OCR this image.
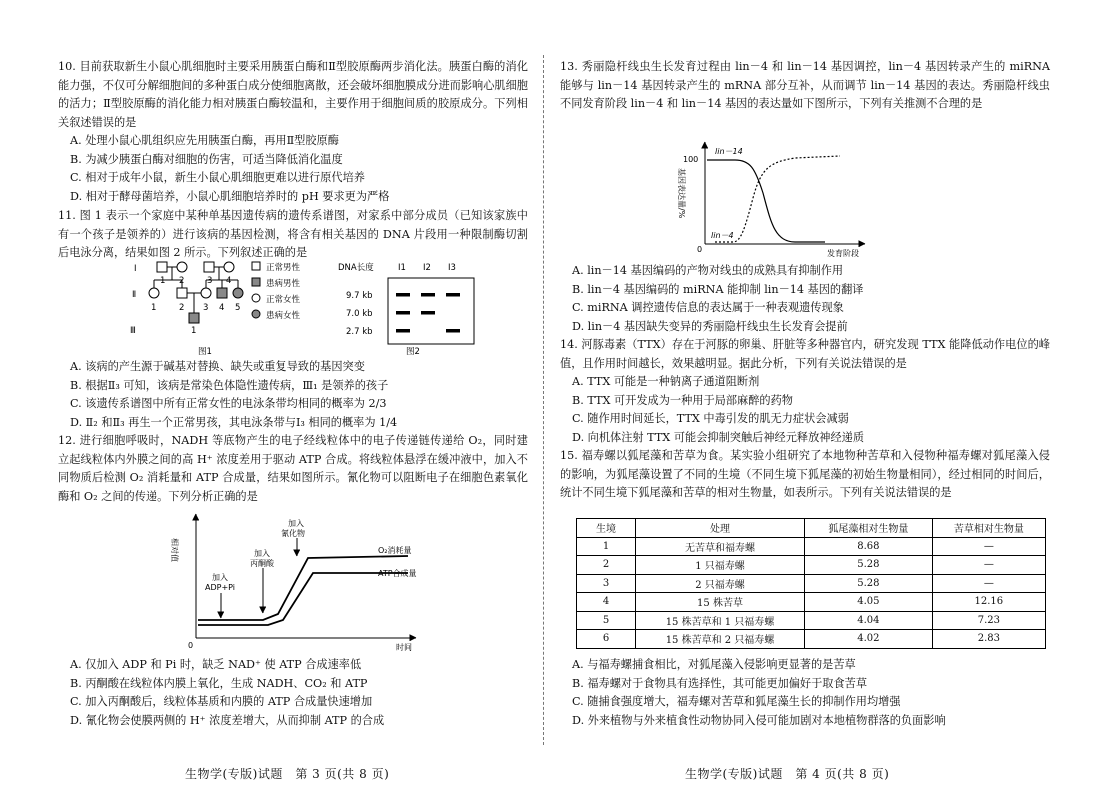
10. 目前获取新生小鼠心肌细胞时主要采用胰蛋白酶和Ⅱ型胶原酶两步消化法。胰蛋白酶的消化能力强，不仅可分解细胞间的多种蛋白成分使细胞离散，还会破坏细胞膜成分进而影响心肌细胞的活力；Ⅱ型胶原酶的消化能力相对胰蛋白酶较温和，主要作用于细胞间质的胶原成分。下列相关叙述错误的是
A. 处理小鼠心肌组织应先用胰蛋白酶，再用Ⅱ型胶原酶
B. 为减少胰蛋白酶对细胞的伤害，可适当降低消化温度
C. 相对于成年小鼠，新生小鼠心肌细胞更难以进行原代培养
D. 相对于酵母菌培养，小鼠心肌细胞培养时的 pH 要求更为严格
11. 图 1 表示一个家庭中某种单基因遗传病的遗传系谱图，对家系中部分成员（已知该家族中有一个孩子是领养的）进行该病的基因检测，将含有相关基因的 DNA 片段用一种限制酶切割后电泳分离，结果如图 2 所示。下列叙述正确的是
Ⅰ
Ⅱ
Ⅲ
1 2	3 4
1	2 3 4 5
1
正常男性
患病男性
正常女性
患病女性
图1
DNA长度	Ⅰ1 Ⅰ2 Ⅰ3
9.7 kb
7.0 kb
2.7 kb
图2
A. 该病的产生源于碱基对替换、缺失或重复导致的基因突变
B. 根据Ⅱ₃ 可知，该病是常染色体隐性遗传病，Ⅲ₁ 是领养的孩子
C. 该遗传系谱图中所有正常女性的电泳条带均相同的概率为 2/3
D. Ⅱ₂ 和Ⅱ₃ 再生一个正常男孩，其电泳条带与Ⅰ₃ 相同的概率为 1/4
12. 进行细胞呼吸时，NADH 等底物产生的电子经线粒体中的电子传递链传递给 O₂，同时建立起线粒体内外膜之间的高 H⁺ 浓度差用于驱动 ATP 合成。将线粒体悬浮在缓冲液中，加入不同物质后检测 O₂ 消耗量和 ATP 合成量，结果如图所示。氰化物可以阻断电子在细胞色素氧化酶和 O₂ 之间的传递。下列分析正确的是
相对值
时间
0
加入
ADP+Pi
加入
丙酮酸
加入
氰化物
O₂消耗量
ATP合成量
A. 仅加入 ADP 和 Pi 时，缺乏 NAD⁺ 使 ATP 合成速率低
B. 丙酮酸在线粒体内膜上氧化，生成 NADH、CO₂ 和 ATP
C. 加入丙酮酸后，线粒体基质和内膜的 ATP 合成量快速增加
D. 氰化物会使膜两侧的 H⁺ 浓度差增大，从而抑制 ATP 的合成
生物学(专版)试题　第 3 页(共 8 页)
13. 秀丽隐杆线虫生长发育过程由 lin－4 和 lin－14 基因调控，lin－4 基因转录产生的 miRNA 能够与 lin－14 基因转录产生的 mRNA 部分互补，从而调节 lin－14 基因的表达。秀丽隐杆线虫不同发育阶段 lin－4 和 lin－14 基因的表达量如下图所示，下列有关推测不合理的是
100
0
基因表达量/%
发育阶段
lin－14
lin－4
A. lin－14 基因编码的产物对线虫的成熟具有抑制作用
B. lin－4 基因编码的 miRNA 能抑制 lin－14 基因的翻译
C. miRNA 调控遗传信息的表达属于一种表观遗传现象
D. lin－4 基因缺失变异的秀丽隐杆线虫生长发育会提前
14. 河豚毒素（TTX）存在于河豚的卵巢、肝脏等多种器官内，研究发现 TTX 能降低动作电位的峰值，且作用时间越长，效果越明显。据此分析，下列有关说法错误的是
A. TTX 可能是一种钠离子通道阻断剂
B. TTX 可开发成为一种用于局部麻醉的药物
C. 随作用时间延长，TTX 中毒引发的肌无力症状会减弱
D. 向机体注射 TTX 可能会抑制突触后神经元释放神经递质
15. 福寿螺以狐尾藻和苦草为食。某实验小组研究了本地物种苦草和入侵物种福寿螺对狐尾藻入侵的影响，为狐尾藻设置了不同的生境（不同生境下狐尾藻的初始生物量相同），经过相同的时间后，统计不同生境下狐尾藻和苦草的相对生物量，如表所示。下列有关说法错误的是
生境	处理	狐尾藻相对生物量	苦草相对生物量
1	无苦草和福寿螺	8.68	—
2	1 只福寿螺	5.28	—
3	2 只福寿螺	5.28	—
4	15 株苦草	4.05	12.16
5	15 株苦草和 1 只福寿螺	4.04	7.23
6	15 株苦草和 2 只福寿螺	4.02	2.83
A. 与福寿螺捕食相比，对狐尾藻入侵影响更显著的是苦草
B. 福寿螺对于食物具有选择性，其可能更加偏好于取食苦草
C. 随捕食强度增大，福寿螺对苦草和狐尾藻生长的抑制作用均增强
D. 外来植物与外来植食性动物协同入侵可能加剧对本地植物群落的负面影响
生物学(专版)试题　第 4 页(共 8 页)
